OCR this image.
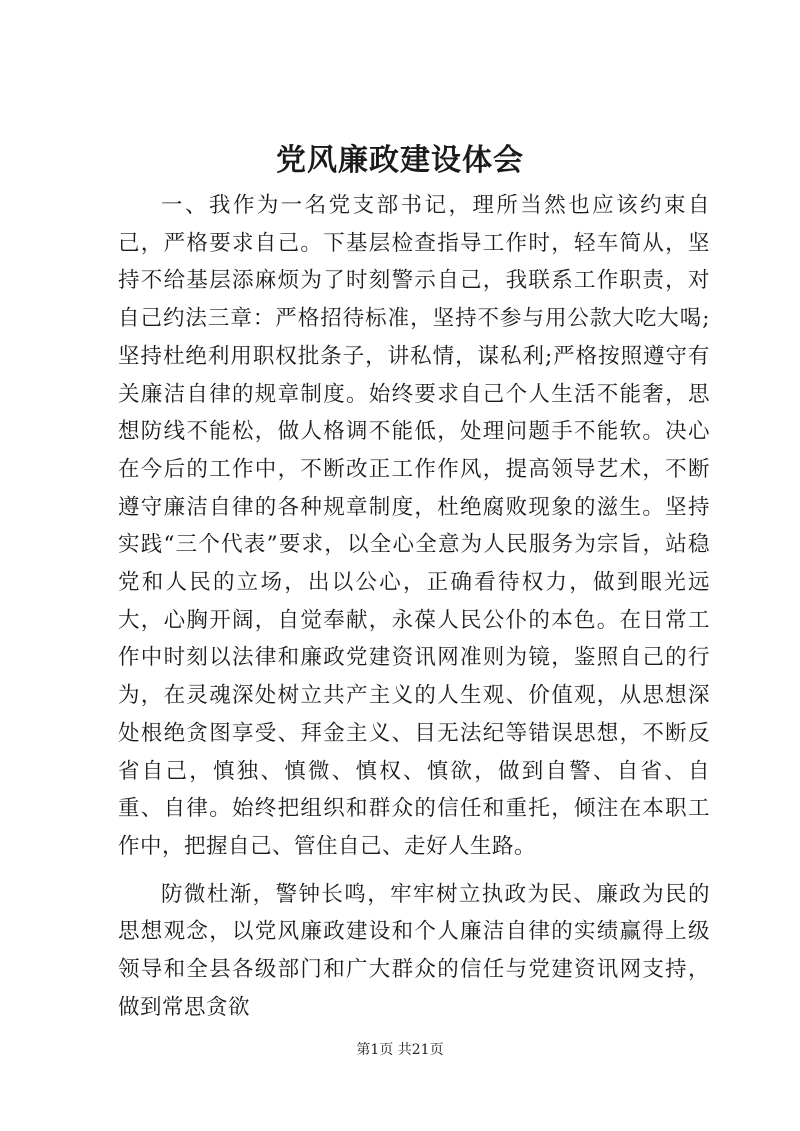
党风廉政建设体会

一、我作为一名党支部书记，理所当然也应该约束自己，严格要求自己。下基层检查指导工作时，轻车简从，坚持不给基层添麻烦为了时刻警示自己，我联系工作职责，对自己约法三章：严格招待标准，坚持不参与用公款大吃大喝;坚持杜绝利用职权批条子，讲私情，谋私利;严格按照遵守有关廉洁自律的规章制度。始终要求自己个人生活不能奢，思想防线不能松，做人格调不能低，处理问题手不能软。决心在今后的工作中，不断改正工作作风，提高领导艺术，不断遵守廉洁自律的各种规章制度，杜绝腐败现象的滋生。坚持实践“三个代表”要求，以全心全意为人民服务为宗旨，站稳党和人民的立场，出以公心，正确看待权力，做到眼光远大，心胸开阔，自觉奉献，永葆人民公仆的本色。在日常工作中时刻以法律和廉政党建资讯网准则为镜，鉴照自己的行为，在灵魂深处树立共产主义的人生观、价值观，从思想深处根绝贪图享受、拜金主义、目无法纪等错误思想，不断反省自己，慎独、慎微、慎权、慎欲，做到自警、自省、自重、自律。始终把组织和群众的信任和重托，倾注在本职工作中，把握自己、管住自己、走好人生路。

防微杜渐，警钟长鸣，牢牢树立执政为民、廉政为民的思想观念，以党风廉政建设和个人廉洁自律的实绩赢得上级领导和全县各级部门和广大群众的信任与党建资讯网支持，做到常思贪欲

第1页 共21页
